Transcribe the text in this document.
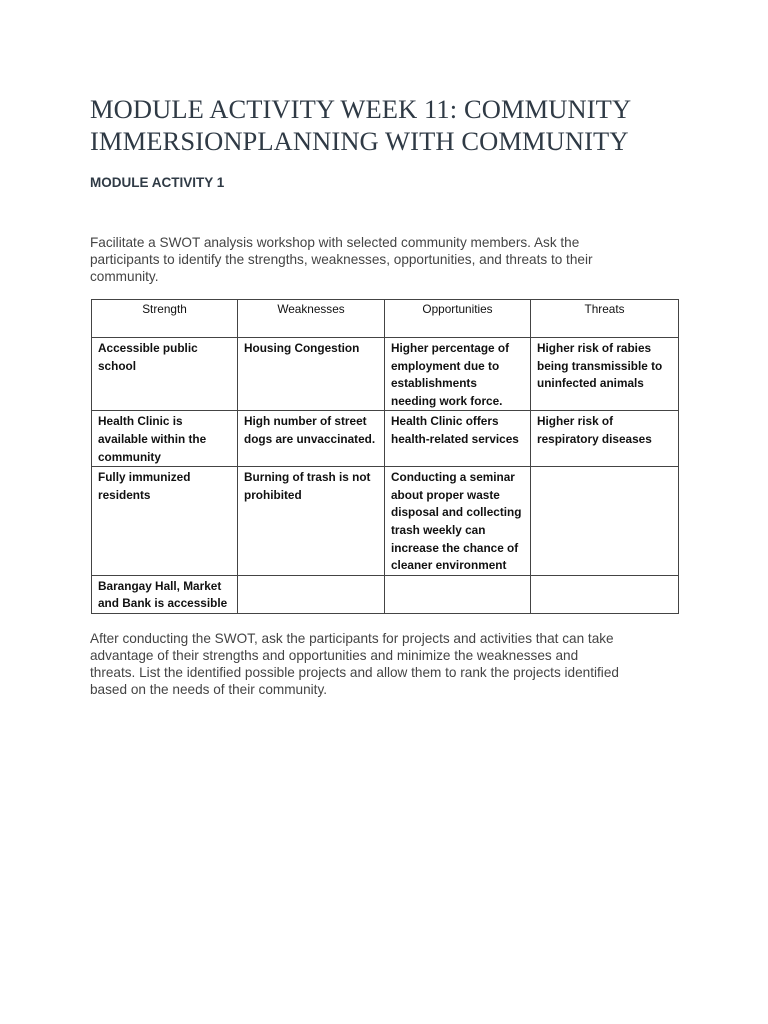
MODULE ACTIVITY WEEK 11: COMMUNITY
IMMERSIONPLANNING WITH COMMUNITY
MODULE ACTIVITY 1
Facilitate a SWOT analysis workshop with selected community members. Ask the
participants to identify the strengths, weaknesses, opportunities, and threats to their
community.
Strength	Weaknesses	Opportunities	Threats
Accessible public school	Housing Congestion	Higher percentage of employment due to establishments needing work force.	Higher risk of rabies being transmissible to uninfected animals
Health Clinic is available within the community	High number of street dogs are unvaccinated.	Health Clinic offers health-related services	Higher risk of respiratory diseases
Fully immunized residents	Burning of trash is not prohibited	Conducting a seminar about proper waste disposal and collecting trash weekly can increase the chance of cleaner environment	
Barangay Hall, Market and Bank is accessible			
After conducting the SWOT, ask the participants for projects and activities that can take
advantage of their strengths and opportunities and minimize the weaknesses and
threats. List the identified possible projects and allow them to rank the projects identified
based on the needs of their community.
